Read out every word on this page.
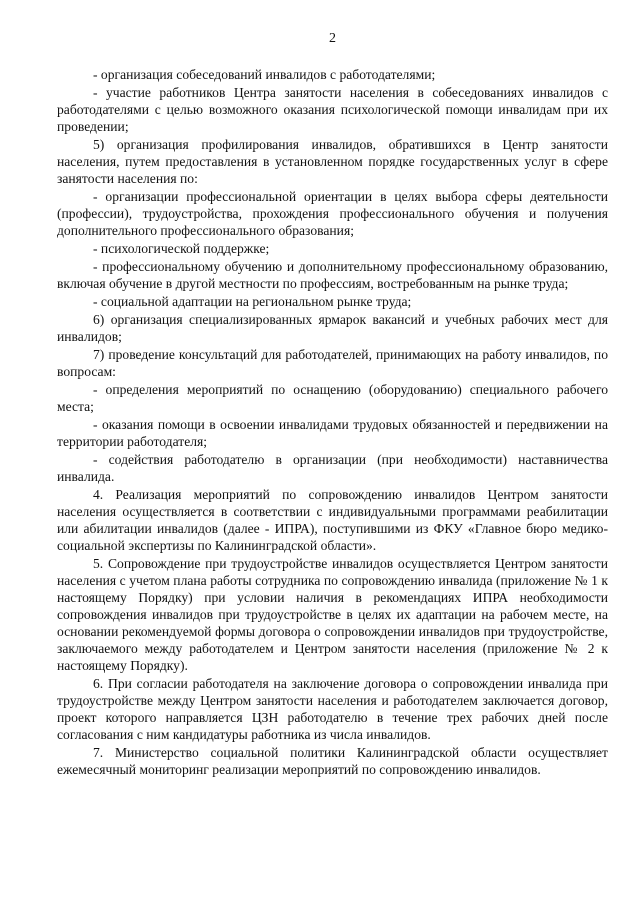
2

- организация собеседований инвалидов с работодателями;

- участие работников Центра занятости населения в собеседованиях инвалидов с работодателями с целью возможного оказания психологической помощи инвалидам при их проведении;

5) организация профилирования инвалидов, обратившихся в Центр занятости населения, путем предоставления в установленном порядке государственных услуг в сфере занятости населения по:

- организации профессиональной ориентации в целях выбора сферы деятельности (профессии), трудоустройства, прохождения профессионального обучения и получения дополнительного профессионального образования;

- психологической поддержке;

- профессиональному обучению и дополнительному профессиональному образованию, включая обучение в другой местности по профессиям, востребованным на рынке труда;

- социальной адаптации на региональном рынке труда;

6) организация специализированных ярмарок вакансий и учебных рабочих мест для инвалидов;

7) проведение консультаций для работодателей, принимающих на работу инвалидов, по вопросам:

- определения мероприятий по оснащению (оборудованию) специального рабочего места;

- оказания помощи в освоении инвалидами трудовых обязанностей и передвижении на территории работодателя;

- содействия работодателю в организации (при необходимости) наставничества инвалида.

4. Реализация мероприятий по сопровождению инвалидов Центром занятости населения осуществляется в соответствии с индивидуальными программами реабилитации или абилитации инвалидов (далее - ИПРА), поступившими из ФКУ «Главное бюро медико-социальной экспертизы по Калининградской области».

5. Сопровождение при трудоустройстве инвалидов осуществляется Центром занятости населения с учетом плана работы сотрудника по сопровождению инвалида (приложение № 1 к настоящему Порядку) при условии наличия в рекомендациях ИПРА необходимости сопровождения инвалидов при трудоустройстве в целях их адаптации на рабочем месте, на основании рекомендуемой формы договора о сопровождении инвалидов при трудоустройстве, заключаемого между работодателем и Центром занятости населения (приложение № 2 к настоящему Порядку).

6. При согласии работодателя на заключение договора о сопровождении инвалида при трудоустройстве между Центром занятости населения и работодателем заключается договор, проект которого направляется ЦЗН работодателю в течение трех рабочих дней после согласования с ним кандидатуры работника из числа инвалидов.

7. Министерство социальной политики Калининградской области осуществляет ежемесячный мониторинг реализации мероприятий по сопровождению инвалидов.
